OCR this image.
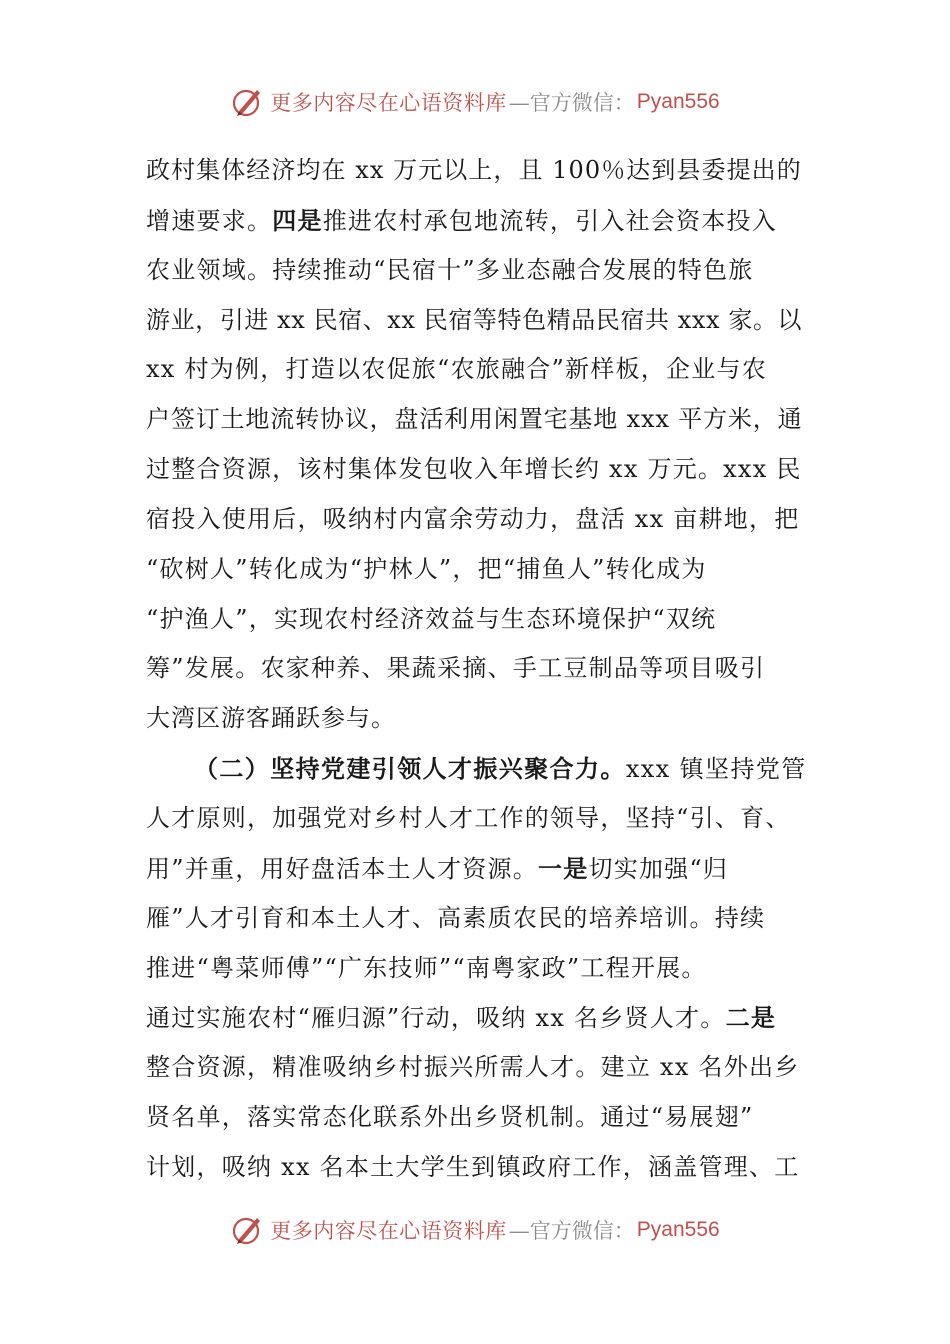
更多内容尽在心语资料库 —官方微信： Pyan556
政村集体经济均在 xx 万元以上，且 100％达到县委提出的
增速要求。四是推进农村承包地流转，引入社会资本投入
农业领域。持续推动“民宿十”多业态融合发展的特色旅
游业，引进 xx 民宿、xx 民宿等特色精品民宿共 xxx 家。以
xx 村为例，打造以农促旅“农旅融合”新样板，企业与农
户签订土地流转协议，盘活利用闲置宅基地 xxx 平方米，通
过整合资源，该村集体发包收入年增长约 xx 万元。xxx 民
宿投入使用后，吸纳村内富余劳动力，盘活 xx 亩耕地，把
“砍树人”转化成为“护林人”，把“捕鱼人”转化成为
“护渔人”，实现农村经济效益与生态环境保护“双统
筹”发展。农家种养、果蔬采摘、手工豆制品等项目吸引
大湾区游客踊跃参与。
（二）坚持党建引领人才振兴聚合力。xxx 镇坚持党管
人才原则，加强党对乡村人才工作的领导，坚持“引、育、
用”并重，用好盘活本土人才资源。一是切实加强“归
雁”人才引育和本土人才、高素质农民的培养培训。持续
推进“粤菜师傅”“广东技师”“南粤家政”工程开展。
通过实施农村“雁归源”行动，吸纳 xx 名乡贤人才。二是
整合资源，精准吸纳乡村振兴所需人才。建立 xx 名外出乡
贤名单，落实常态化联系外出乡贤机制。通过“易展翅”
计划，吸纳 xx 名本土大学生到镇政府工作，涵盖管理、工
更多内容尽在心语资料库 —官方微信： Pyan556
